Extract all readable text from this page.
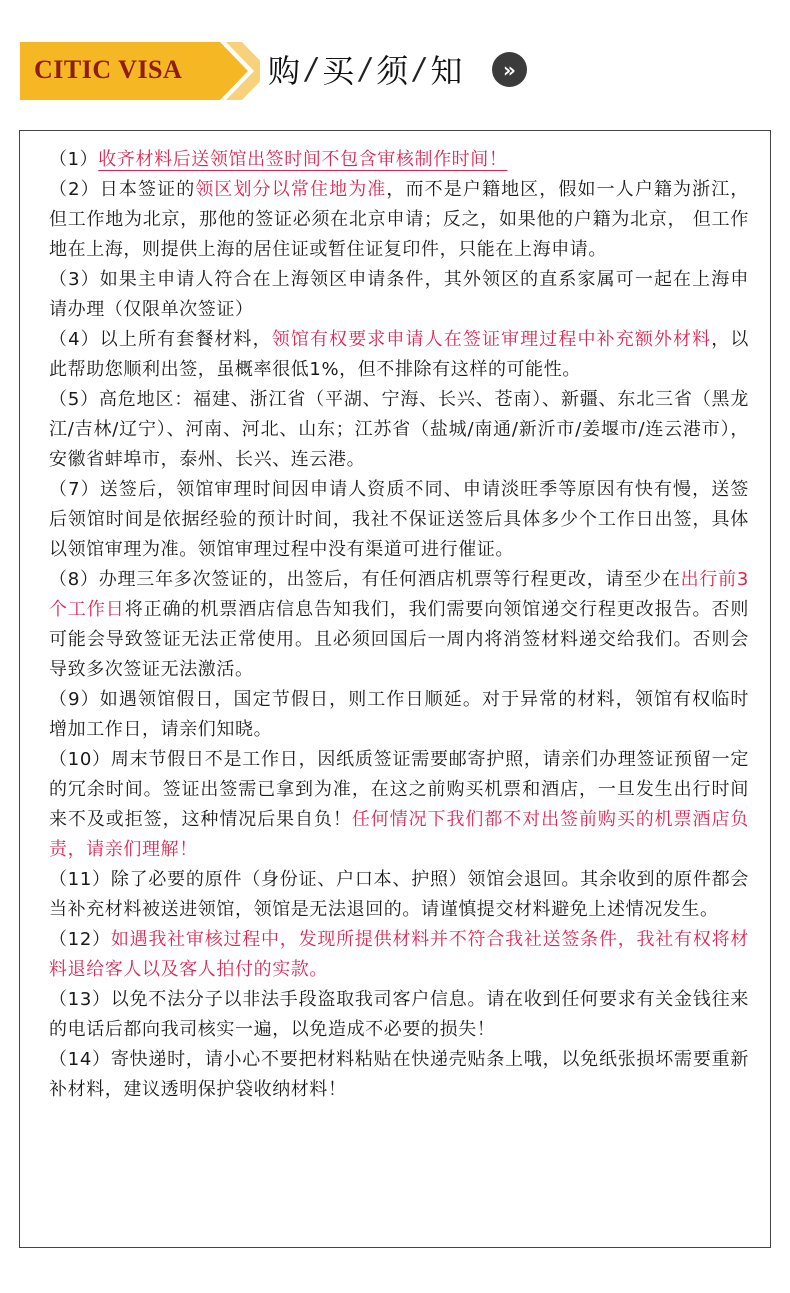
CITIC VISA	购 / 买 / 须 / 知	»

（1）收齐材料后送领馆出签时间不包含审核制作时间！

（2）日本签证的领区划分以常住地为准，而不是户籍地区，假如一人户籍为浙江，但工作地为北京，那他的签证必须在北京申请；反之，如果他的户籍为北京， 但工作地在上海，则提供上海的居住证或暂住证复印件，只能在上海申请。

（3）如果主申请人符合在上海领区申请条件，其外领区的直系家属可一起在上海申请办理（仅限单次签证）

（4）以上所有套餐材料，领馆有权要求申请人在签证审理过程中补充额外材料，以此帮助您顺利出签，虽概率很低1%，但不排除有这样的可能性。

（5）高危地区：福建、浙江省（平湖、宁海、长兴、苍南）、新疆、东北三省（黑龙江/吉林/辽宁）、河南、河北、山东；江苏省（盐城/南通/新沂市/姜堰市/连云港市），安徽省蚌埠市，泰州、长兴、连云港。

（7）送签后，领馆审理时间因申请人资质不同、申请淡旺季等原因有快有慢，送签后领馆时间是依据经验的预计时间，我社不保证送签后具体多少个工作日出签，具体以领馆审理为准。领馆审理过程中没有渠道可进行催证。

（8）办理三年多次签证的，出签后，有任何酒店机票等行程更改，请至少在出行前3个工作日将正确的机票酒店信息告知我们，我们需要向领馆递交行程更改报告。否则可能会导致签证无法正常使用。且必须回国后一周内将消签材料递交给我们。否则会导致多次签证无法激活。

（9）如遇领馆假日，国定节假日，则工作日顺延。对于异常的材料，领馆有权临时增加工作日，请亲们知晓。

（10）周末节假日不是工作日，因纸质签证需要邮寄护照，请亲们办理签证预留一定的冗余时间。签证出签需已拿到为准，在这之前购买机票和酒店，一旦发生出行时间来不及或拒签，这种情况后果自负！任何情况下我们都不对出签前购买的机票酒店负责，请亲们理解！

（11）除了必要的原件（身份证、户口本、护照）领馆会退回。其余收到的原件都会当补充材料被送进领馆，领馆是无法退回的。请谨慎提交材料避免上述情况发生。

（12）如遇我社审核过程中，发现所提供材料并不符合我社送签条件，我社有权将材料退给客人以及客人拍付的实款。

（13）以免不法分子以非法手段盗取我司客户信息。请在收到任何要求有关金钱往来的电话后都向我司核实一遍，以免造成不必要的损失！

（14）寄快递时，请小心不要把材料粘贴在快递壳贴条上哦，以免纸张损坏需要重新补材料，建议透明保护袋收纳材料！
